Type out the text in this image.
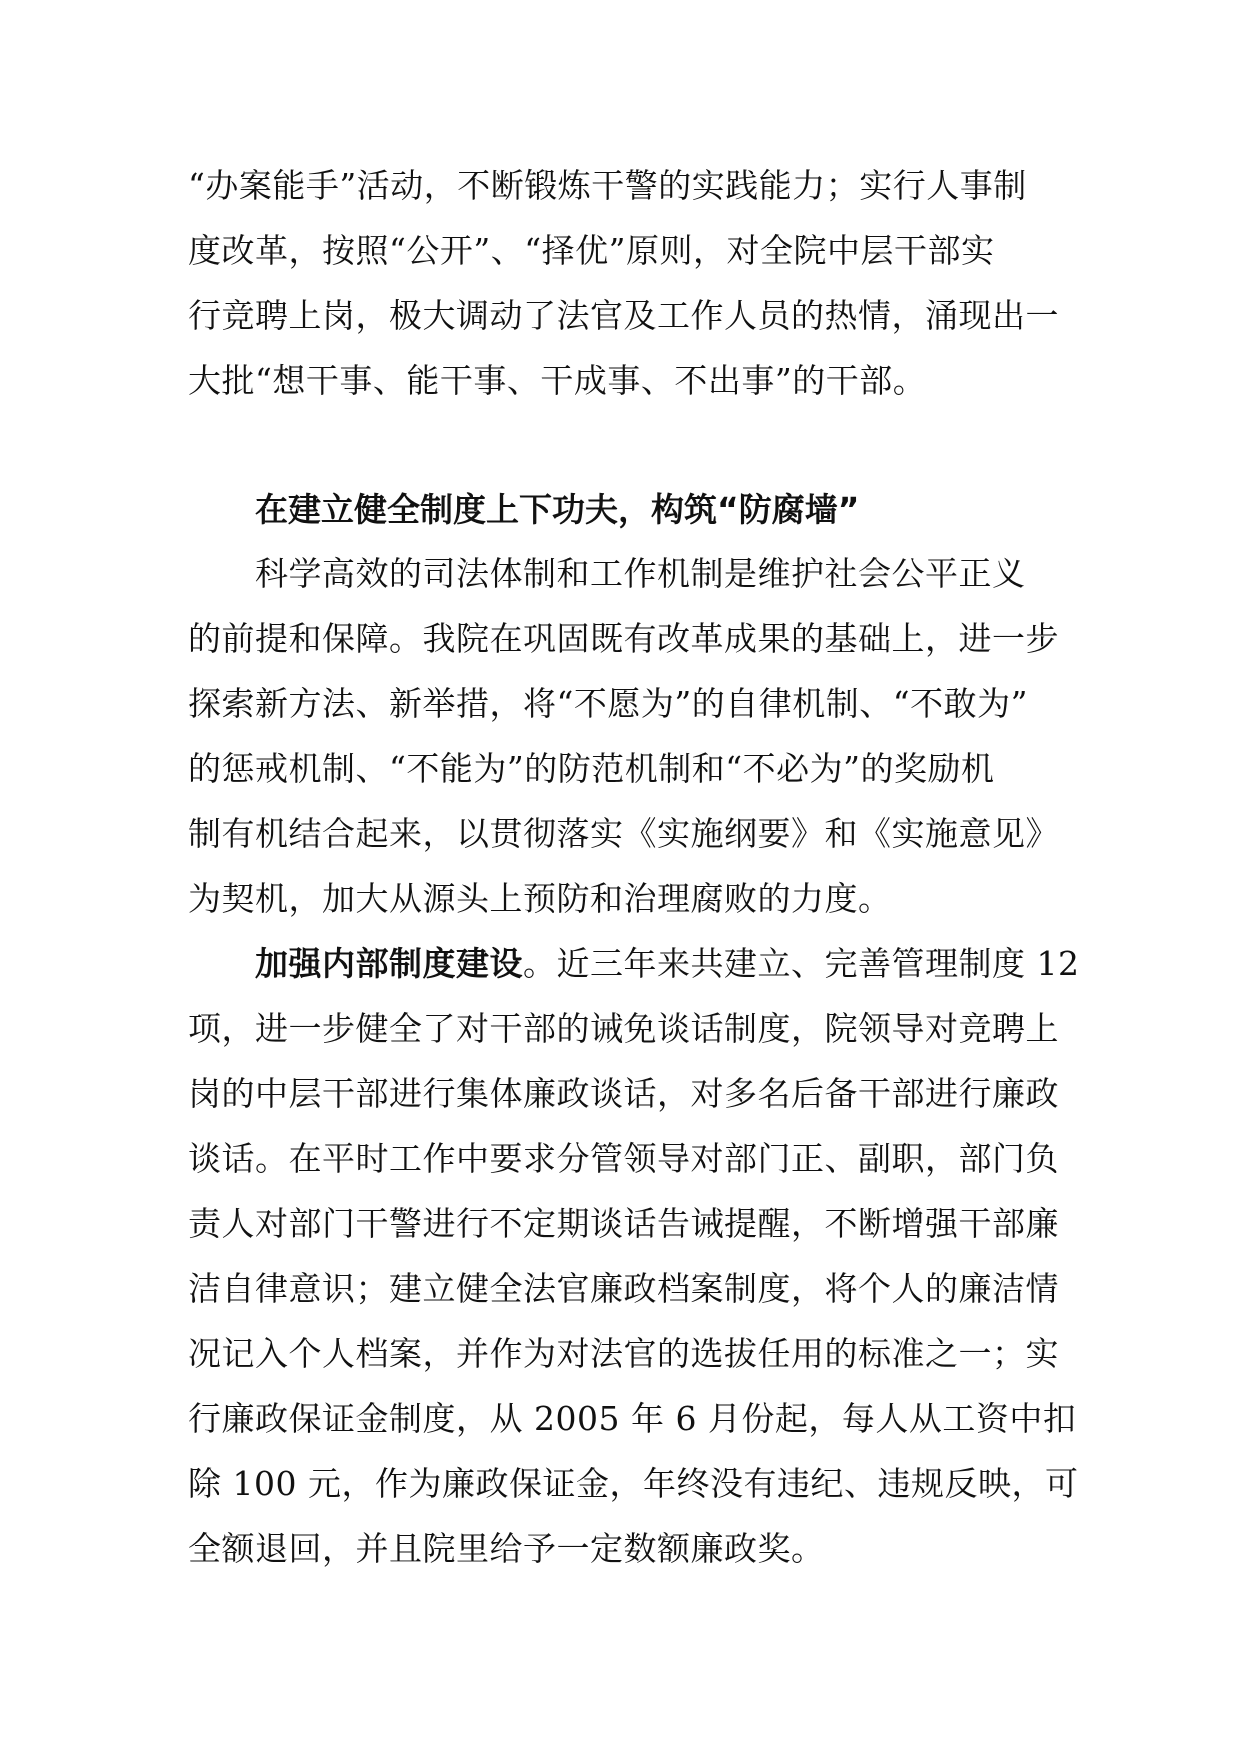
“办案能手”活动，不断锻炼干警的实践能力；实行人事制
度改革，按照“公开”、“择优”原则，对全院中层干部实
行竞聘上岗，极大调动了法官及工作人员的热情，涌现出一
大批“想干事、能干事、干成事、不出事”的干部。
在建立健全制度上下功夫，构筑“防腐墙”
科学高效的司法体制和工作机制是维护社会公平正义
的前提和保障。我院在巩固既有改革成果的基础上，进一步
探索新方法、新举措，将“不愿为”的自律机制、“不敢为”
的惩戒机制、“不能为”的防范机制和“不必为”的奖励机
制有机结合起来，以贯彻落实《实施纲要》和《实施意见》
为契机，加大从源头上预防和治理腐败的力度。
加强内部制度建设。近三年来共建立、完善管理制度 12
项，进一步健全了对干部的诫免谈话制度，院领导对竞聘上
岗的中层干部进行集体廉政谈话，对多名后备干部进行廉政
谈话。在平时工作中要求分管领导对部门正、副职，部门负
责人对部门干警进行不定期谈话告诫提醒，不断增强干部廉
洁自律意识；建立健全法官廉政档案制度，将个人的廉洁情
况记入个人档案，并作为对法官的选拔任用的标准之一；实
行廉政保证金制度，从 2005 年 6 月份起，每人从工资中扣
除 100 元，作为廉政保证金，年终没有违纪、违规反映，可
全额退回，并且院里给予一定数额廉政奖。
